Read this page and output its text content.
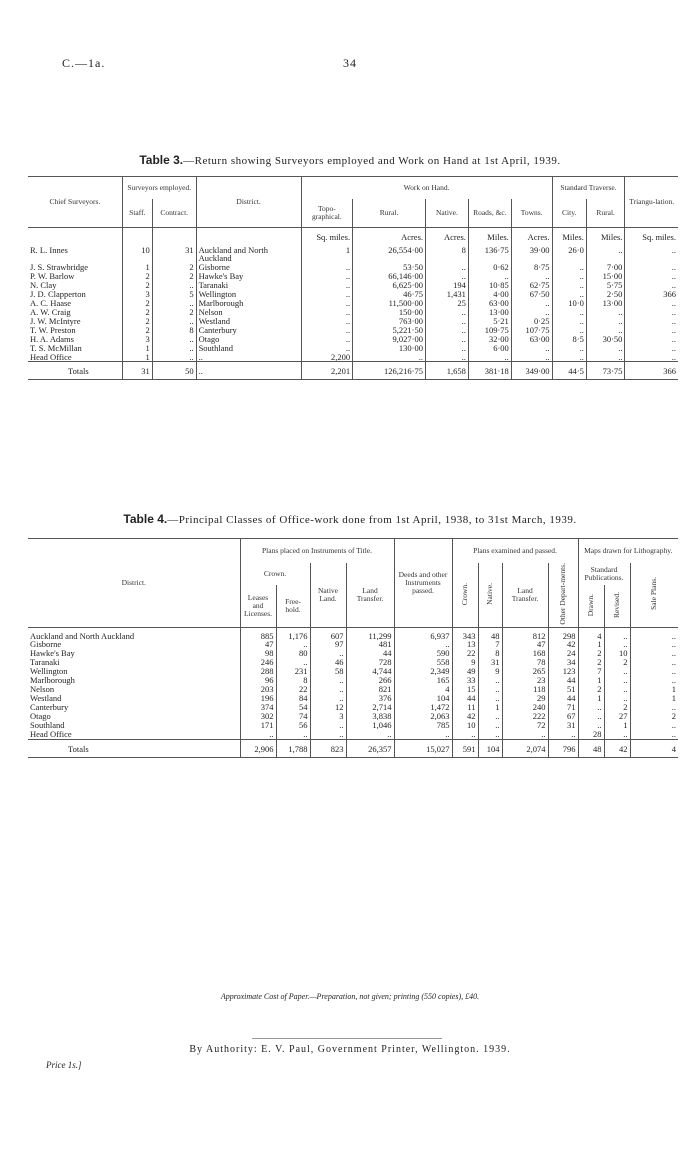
C.—1a.	34
Table 3.—Return showing Surveyors employed and Work on Hand at 1st April, 1939.
Chief Surveyors.	Surveyors employed.		District.	Work on Hand.					Standard Traverse.		Triangu-lation.
	Staff.	Contract.		Topo-graphical.	Rural.	Native.	Roads, &c.	Towns.	City.	Rural.	
				Sq. miles.	Acres.	Acres.	Miles.	Acres.	Miles.	Miles.	Sq. miles.
R. L. Innes	10	31	Auckland and North Auckland	1	26,554·00	8	136·75	39·00	26·0	..	..
J. S. Strawbridge	1	2	Gisborne	..	53·50	..	0·62	8·75	..	7·00	..
P. W. Barlow	2	2	Hawke's Bay	..	66,146·00	..	..	..	..	15·00	..
N. Clay	2	..	Taranaki	..	6,625·00	194	10·85	62·75	..	5·75	..
J. D. Clapperton	3	5	Wellington	..	46·75	1,431	4·00	67·50	..	2·50	366
A. C. Haase	2	..	Marlborough	..	11,500·00	25	63·00	..	10·0	13·00	..
A. W. Craig	2	2	Nelson	..	150·00	..	13·00	..	..	..	..
J. W. McIntyre	2	..	Westland	..	763·00	..	5·21	0·25	..	..	..
T. W. Preston	2	8	Canterbury	..	5,221·50	..	109·75	107·75	..	..	..
H. A. Adams	3	..	Otago	..	9,027·00	..	32·00	63·00	8·5	30·50	..
T. S. McMillan	1	..	Southland	..	130·00	..	6·00	..	..	..	..
Head Office	1	..	..	2,200	..	..	..	..	..	..	..
Totals	31	50	..	2,201	126,216·75	1,658	381·18	349·00	44·5	73·75	366
Table 4.—Principal Classes of Office-work done from 1st April, 1938, to 31st March, 1939.
District.	Plans placed on Instruments of Title.				Deeds and other Instruments passed.	Plans examined and passed.				Maps drawn for Lithography.		
	Crown.		Native Land.	Land Transfer.		Crown.	Native.	Land Transfer.	Other Depart-ments.	Standard Publications.		Sale Plans.
	Leases and Licenses.	Free-hold.								Drawn.	Revised.	

Auckland and North Auckland	885	1,176	607	11,299	6,937	343	48	812	298	4	..	..
Gisborne	47	..	97	481	..	13	7	47	42	1	..	..
Hawke's Bay	98	80	..	44	590	22	8	168	24	2	10	..
Taranaki	246	..	46	728	558	9	31	78	34	2	2	..
Wellington	288	231	58	4,744	2,349	49	9	265	123	7	..	..
Marlborough	96	8	..	266	165	33	..	23	44	1	..	..
Nelson	203	22	..	821	4	15	..	118	51	2	..	1
Westland	196	84	..	376	104	44	..	29	44	1	..	1
Canterbury	374	54	12	2,714	1,472	11	1	240	71	..	2	..
Otago	302	74	3	3,838	2,063	42	..	222	67	..	27	2
Southland	171	56	..	1,046	785	10	..	72	31	..	1	..
Head Office	..	..	..	..	..	..	..	..	..	28	..	..
Totals	2,906	1,788	823	26,357	15,027	591	104	2,074	796	48	42	4
Approximate Cost of Paper.—Preparation, not given; printing (550 copies), £40.
By Authority: E. V. Paul, Government Printer, Wellington. 1939.
Price 1s.]
